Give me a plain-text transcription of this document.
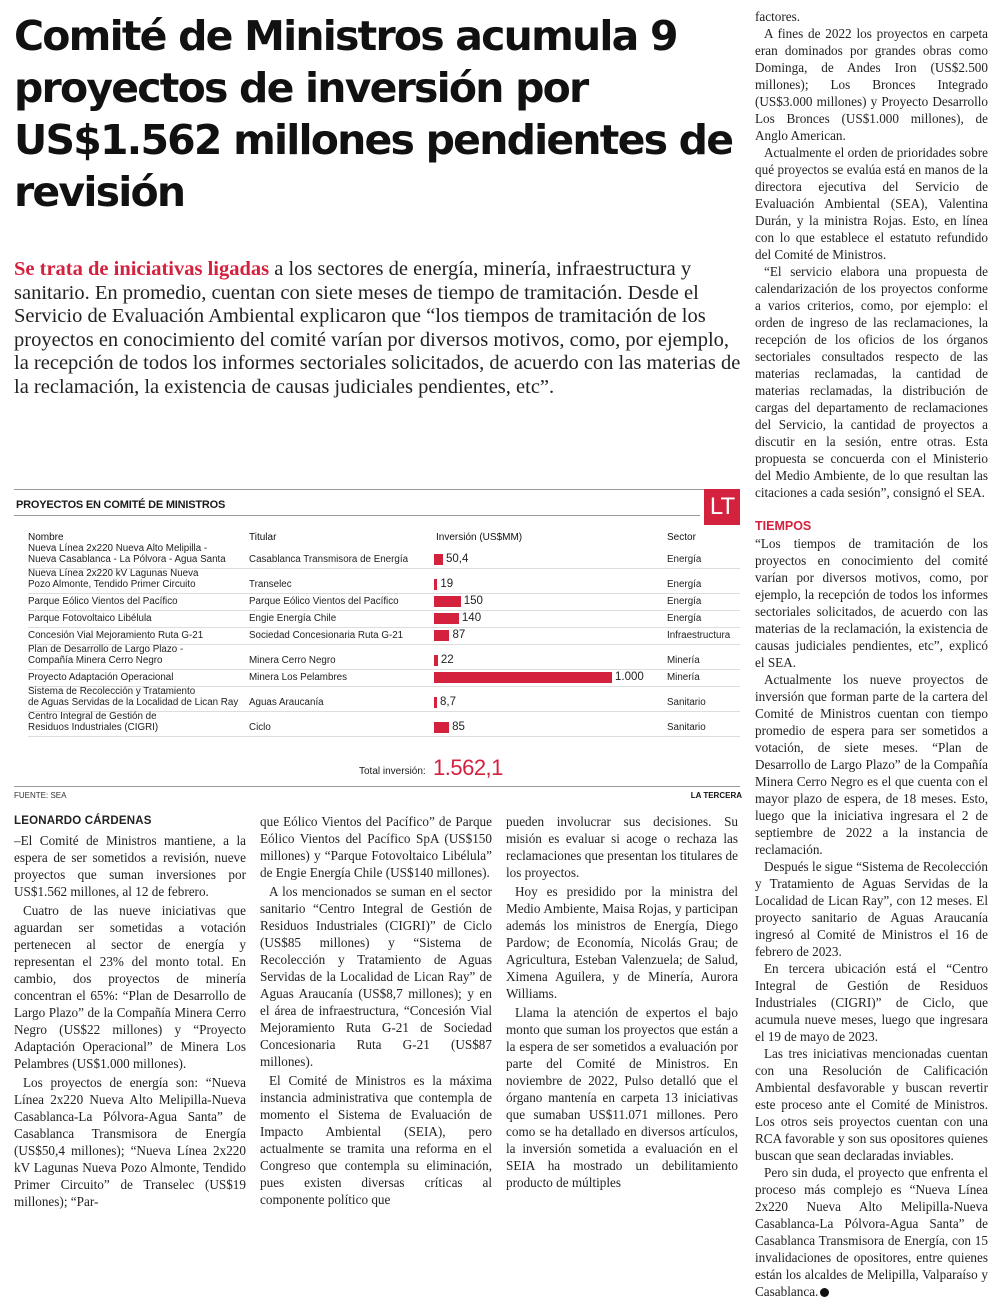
Comité de Ministros acumula 9 proyectos de inversión por US$1.562 millones pendientes de revisión

Se trata de iniciativas ligadas a los sectores de energía, minería, infraestructura y sanitario. En promedio, cuentan con siete meses de tiempo de tramitación. Desde el Servicio de Evaluación Ambiental explicaron que “los tiempos de tramitación de los proyectos en conocimiento del comité varían por diversos motivos, como, por ejemplo, la recepción de todos los informes sectoriales solicitados, de acuerdo con las materias de la reclamación, la existencia de causas judiciales pendientes, etc”.

factores.

A fines de 2022 los proyectos en carpeta eran dominados por grandes obras como Dominga, de Andes Iron (US$2.500 millones); Los Bronces Integrado (US$3.000 millones) y Proyecto Desarrollo Los Bronces (US$1.000 millones), de Anglo American.

Actualmente el orden de prioridades sobre qué proyectos se evalúa está en manos de la directora ejecutiva del Servicio de Evaluación Ambiental (SEA), Valentina Durán, y la ministra Rojas. Esto, en línea con lo que establece el estatuto refundido del Comité de Ministros.

“El servicio elabora una propuesta de calendarización de los proyectos conforme a varios criterios, como, por ejemplo: el orden de ingreso de las reclamaciones, la recepción de los oficios de los órganos sectoriales consultados respecto de las materias reclamadas, la cantidad de materias reclamadas, la distribución de cargas del departamento de reclamaciones del Servicio, la cantidad de proyectos a discutir en la sesión, entre otras. Esta propuesta se concuerda con el Ministerio del Medio Ambiente, de lo que resultan las citaciones a cada sesión”, consignó el SEA.

TIEMPOS

“Los tiempos de tramitación de los proyectos en conocimiento del comité varían por diversos motivos, como, por ejemplo, la recepción de todos los informes sectoriales solicitados, de acuerdo con las materias de la reclamación, la existencia de causas judiciales pendientes, etc”, explicó el SEA.

Actualmente los nueve proyectos de inversión que forman parte de la cartera del Comité de Ministros cuentan con tiempo promedio de espera para ser sometidos a votación, de siete meses. “Plan de Desarrollo de Largo Plazo” de la Compañía Minera Cerro Negro es el que cuenta con el mayor plazo de espera, de 18 meses. Esto, luego que la iniciativa ingresara el 2 de septiembre de 2022 a la instancia de reclamación.

Después le sigue “Sistema de Recolección y Tratamiento de Aguas Servidas de la Localidad de Lican Ray”, con 12 meses. El proyecto sanitario de Aguas Araucanía ingresó al Comité de Ministros el 16 de febrero de 2023.

En tercera ubicación está el “Centro Integral de Gestión de Residuos Industriales (CIGRI)” de Ciclo, que acumula nueve meses, luego que ingresara el 19 de mayo de 2023.

Las tres iniciativas mencionadas cuentan con una Resolución de Calificación Ambiental desfavorable y buscan revertir este proceso ante el Comité de Ministros. Los otros seis proyectos cuentan con una RCA favorable y son sus opositores quienes buscan que sean declaradas inviables.

Pero sin duda, el proyecto que enfrenta el proceso más complejo es “Nueva Línea 2x220 Nueva Alto Melipilla-Nueva Casablanca-La Pólvora-Agua Santa” de Casablanca Transmisora de Energía, con 15 invalidaciones de opositores, entre quienes están los alcaldes de Melipilla, Valparaíso y Casablanca.

PROYECTOS EN COMITÉ DE MINISTROS	LT
Nombre	Titular	Inversión (US$MM)	Sector
Nueva Línea 2x220 Nueva Alto Melipilla -
Nueva Casablanca - La Pólvora - Agua Santa	Casablanca Transmisora de Energía	50,4	Energía
Nueva Línea 2x220 kV Lagunas Nueva
Pozo Almonte, Tendido Primer Circuito	Transelec	19	Energía
Parque Eólico Vientos del Pacífico	Parque Eólico Vientos del Pacífico	150	Energía
Parque Fotovoltaico Libélula	Engie Energía Chile	140	Energía
Concesión Vial Mejoramiento Ruta G-21	Sociedad Concesionaria Ruta G-21	87	Infraestructura
Plan de Desarrollo de Largo Plazo -
Compañía Minera Cerro Negro	Minera Cerro Negro	22	Minería
Proyecto Adaptación Operacional	Minera Los Pelambres	1.000 Minería
Sistema de Recolección y Tratamiento
de Aguas Servidas de la Localidad de Lican Ray	Aguas Araucanía	8,7	Sanitario
Centro Integral de Gestión de
Residuos Industriales (CIGRI)	Ciclo	85	Sanitario
Total inversión: 1.562,1
FUENTE: SEA	LA TERCERA

LEONARDO CÁRDENAS

–El Comité de Ministros mantiene, a la espera de ser sometidos a revisión, nueve proyectos que suman inversiones por US$1.562 millones, al 12 de febrero.

Cuatro de las nueve iniciativas que aguardan ser sometidas a votación pertenecen al sector de energía y representan el 23% del monto total. En cambio, dos proyectos de minería concentran el 65%: “Plan de Desarrollo de Largo Plazo” de la Compañía Minera Cerro Negro (US$22 millones) y “Proyecto Adaptación Operacional” de Minera Los Pelambres (US$1.000 millones).

Los proyectos de energía son: “Nueva Línea 2x220 Nueva Alto Melipilla-Nueva Casablanca-La Pólvora-Agua Santa” de Casablanca Transmisora de Energía (US$50,4 millones); “Nueva Línea 2x220 kV Lagunas Nueva Pozo Almonte, Tendido Primer Circuito” de Transelec (US$19 millones); “Par-

que Eólico Vientos del Pacífico” de Parque Eólico Vientos del Pacífico SpA (US$150 millones) y “Parque Fotovoltaico Libélula” de Engie Energía Chile (US$140 millones).

A los mencionados se suman en el sector sanitario “Centro Integral de Gestión de Residuos Industriales (CIGRI)” de Ciclo (US$85 millones) y “Sistema de Recolección y Tratamiento de Aguas Servidas de la Localidad de Lican Ray” de Aguas Araucanía (US$8,7 millones); y en el área de infraestructura, “Concesión Vial Mejoramiento Ruta G-21 de Sociedad Concesionaria Ruta G-21 (US$87 millones).

El Comité de Ministros es la máxima instancia administrativa que contempla de momento el Sistema de Evaluación de Impacto Ambiental (SEIA), pero actualmente se tramita una reforma en el Congreso que contempla su eliminación, pues existen diversas críticas al componente político que

pueden involucrar sus decisiones. Su misión es evaluar si acoge o rechaza las reclamaciones que presentan los titulares de los proyectos.

Hoy es presidido por la ministra del Medio Ambiente, Maisa Rojas, y participan además los ministros de Energía, Diego Pardow; de Economía, Nicolás Grau; de Agricultura, Esteban Valenzuela; de Salud, Ximena Aguilera, y de Minería, Aurora Williams.

Llama la atención de expertos el bajo monto que suman los proyectos que están a la espera de ser sometidos a evaluación por parte del Comité de Ministros. En noviembre de 2022, Pulso detalló que el órgano mantenía en carpeta 13 iniciativas que sumaban US$11.071 millones. Pero como se ha detallado en diversos artículos, la inversión sometida a evaluación en el SEIA ha mostrado un debilitamiento producto de múltiples
